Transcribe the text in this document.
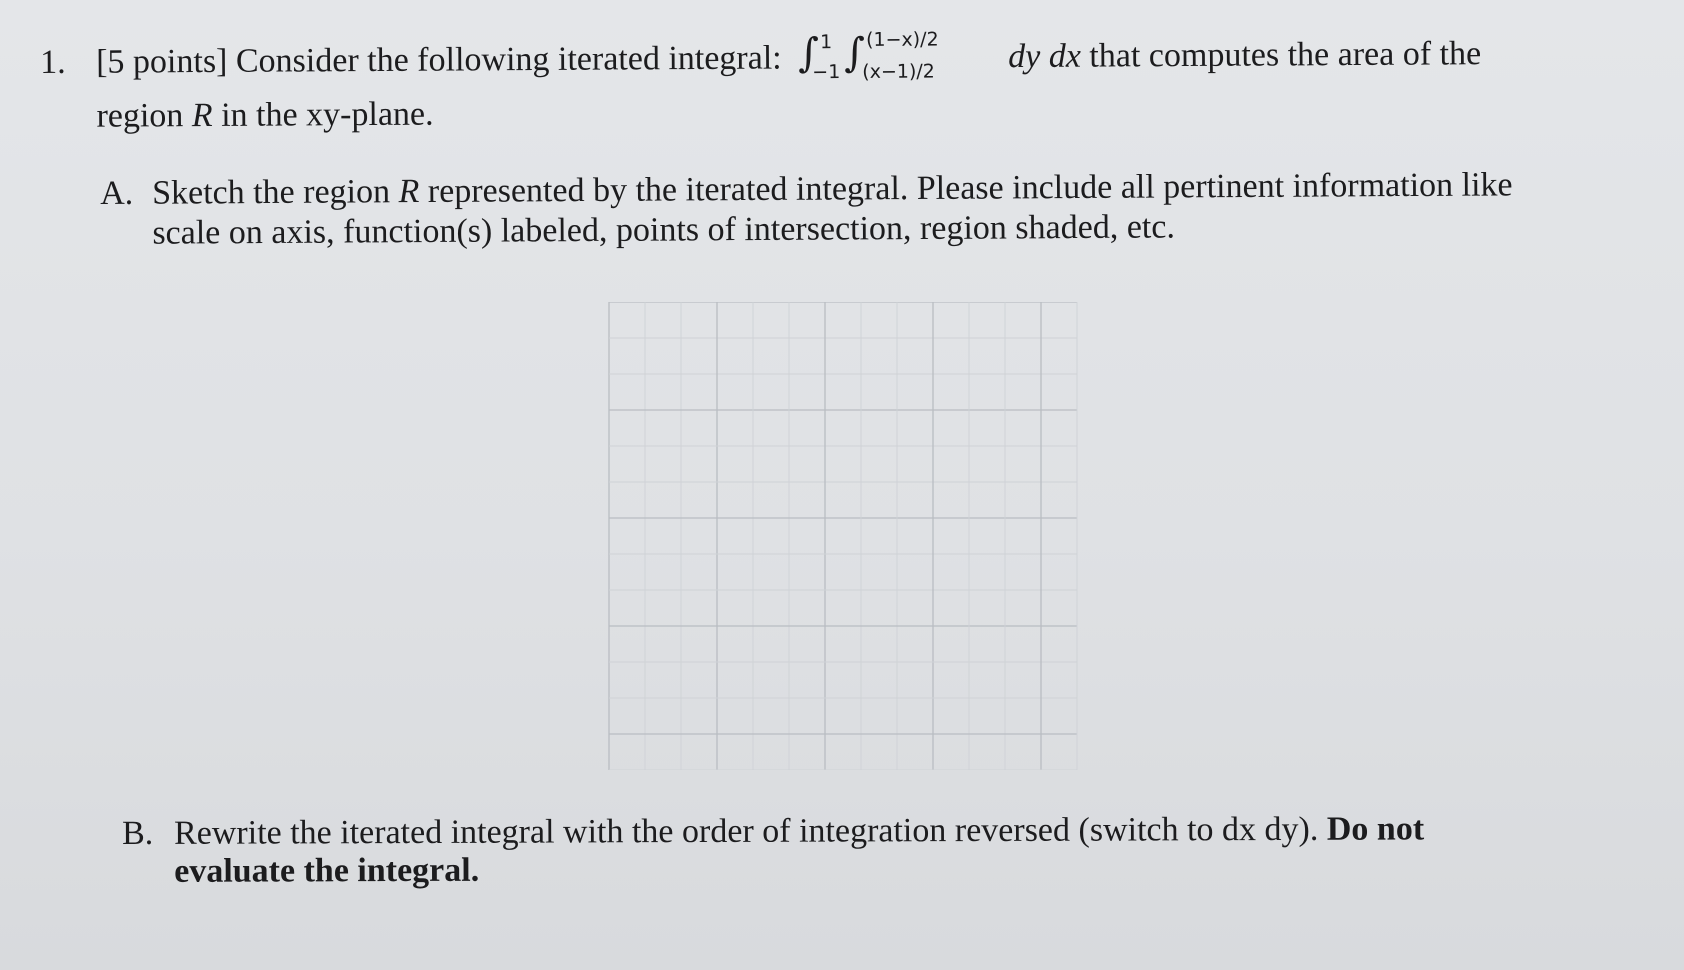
1. [5 points] Consider the following iterated integral: ∫ 1
−1 ∫ (1−x)/2
(x−1)/2 dy dx that computes the area of the
region R in the xy-plane.
A. Sketch the region R represented by the iterated integral. Please include all pertinent information like
scale on axis, function(s) labeled, points of intersection, region shaded, etc.
B. Rewrite the iterated integral with the order of integration reversed (switch to dx dy). Do not
evaluate the integral.
